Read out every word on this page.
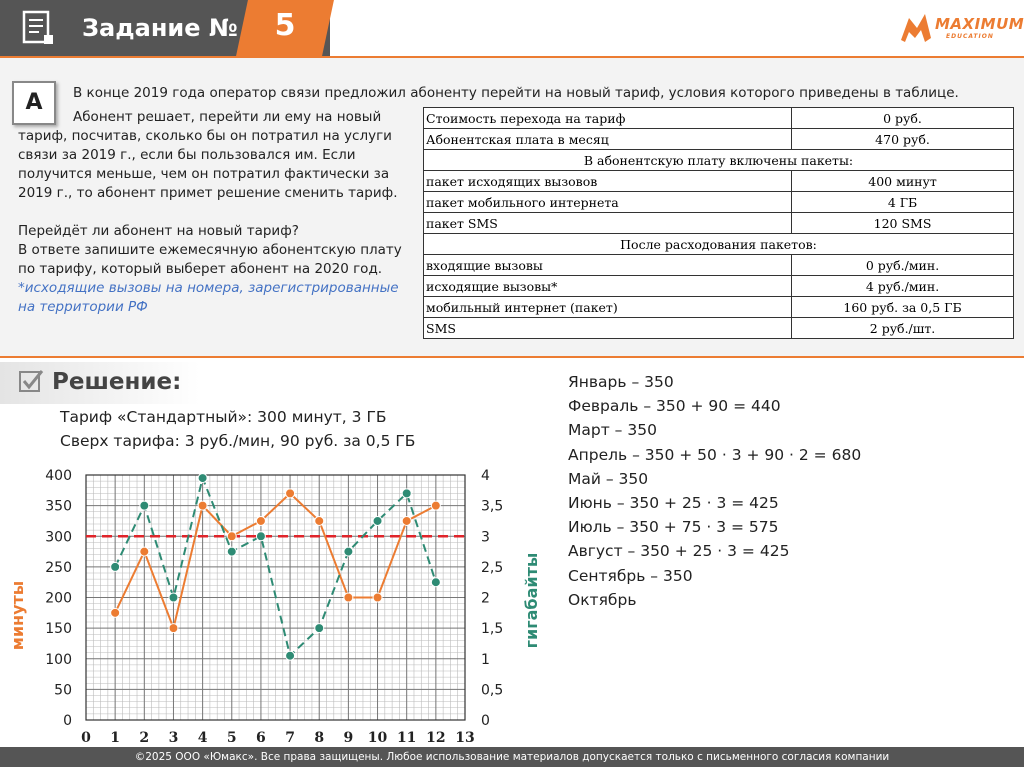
Задание №	5	MAXIMUM
EDUCATION
А	В конце 2019 года оператор связи предложил абоненту перейти на новый тариф, условия которого приведены в таблице.
Абонент решает, перейти ли ему на новый
тариф, посчитав, сколько бы он потратил на услуги
связи за 2019 г., если бы пользовался им. Если
получится меньше, чем он потратил фактически за
2019 г., то абонент примет решение сменить тариф.
Перейдёт ли абонент на новый тариф?
В ответе запишите ежемесячную абонентскую плату
по тарифу, который выберет абонент на 2020 год.
*исходящие вызовы на номера, зарегистрированные
на территории РФ
Стоимость перехода на тариф	0 руб.
Абонентская плата в месяц	470 руб.
В абонентскую плату включены пакеты:	
пакет исходящих вызовов	400 минут
пакет мобильного интернета	4 ГБ
пакет SMS	120 SMS
После расходования пакетов:	
входящие вызовы	0 руб./мин.
исходящие вызовы*	4 руб./мин.
мобильный интернет (пакет)	160 руб. за 0,5 ГБ
SMS	2 руб./шт.
Решение:
Тариф «Стандартный»: 300 минут, 3 ГБ
Сверх тарифа: 3 руб./мин, 90 руб. за 0,5 ГБ
Январь – 350
Февраль – 350 + 90 = 440
Март – 350
Апрель – 350 + 50 · 3 + 90 · 2 = 680
Май – 350
Июнь – 350 + 25 · 3 = 425
Июль – 350 + 75 · 3 = 575
Август – 350 + 25 · 3 = 425
Сентябрь – 350
Октябрь
400
350
300
250
200
150
100
50
0
4
3,5
3
2,5
2
1,5
1
0,5
0
0 1 2 3 4 5 6 7 8 9 10 11 12 13
минуты	гигабайты
©2025 ООО «Юмакс». Все права защищены. Любое использование материалов допускается только с письменного согласия компании
